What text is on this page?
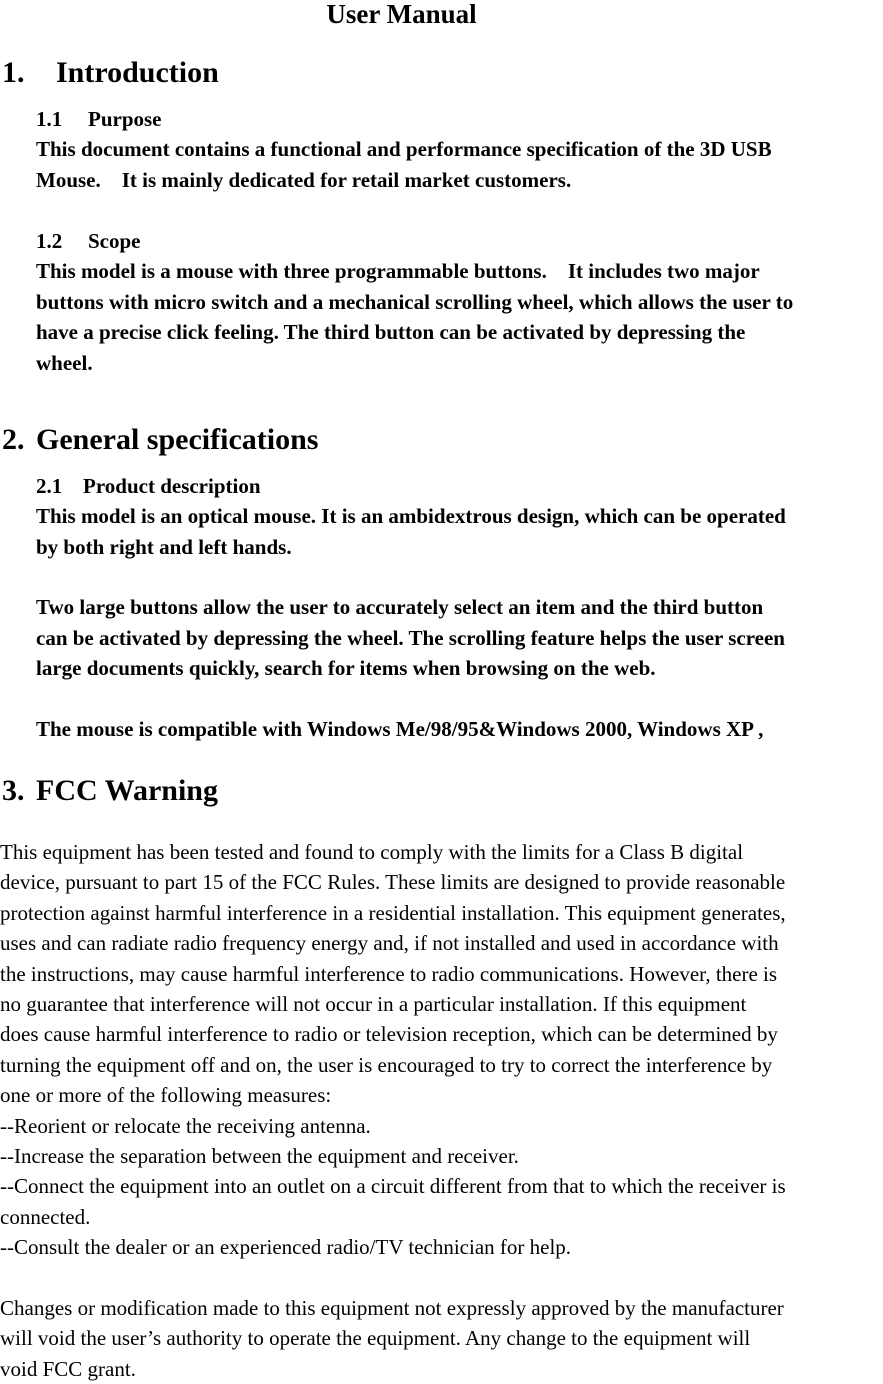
User Manual
1. Introduction
1.1 Purpose

This document contains a functional and performance specification of the 3D USB
Mouse.    It is mainly dedicated for retail market customers.

1.2 Scope

This model is a mouse with three programmable buttons.    It includes two major
buttons with micro switch and a mechanical scrolling wheel, which allows the user to
have a precise click feeling. The third button can be activated by depressing the
wheel.

2. General specifications
2.1 Product description

This model is an optical mouse. It is an ambidextrous design, which can be operated
by both right and left hands.

Two large buttons allow the user to accurately select an item and the third button
can be activated by depressing the wheel. The scrolling feature helps the user screen
large documents quickly, search for items when browsing on the web.

The mouse is compatible with Windows Me/98/95&Windows 2000, Windows XP ,

3. FCC Warning

This equipment has been tested and found to comply with the limits for a Class B digital
device, pursuant to part 15 of the FCC Rules. These limits are designed to provide reasonable
protection against harmful interference in a residential installation. This equipment generates,
uses and can radiate radio frequency energy and, if not installed and used in accordance with
the instructions, may cause harmful interference to radio communications. However, there is
no guarantee that interference will not occur in a particular installation. If this equipment
does cause harmful interference to radio or television reception, which can be determined by
turning the equipment off and on, the user is encouraged to try to correct the interference by
one or more of the following measures:
--Reorient or relocate the receiving antenna.
--Increase the separation between the equipment and receiver.
--Connect the equipment into an outlet on a circuit different from that to which the receiver is
connected.
--Consult the dealer or an experienced radio/TV technician for help.

Changes or modification made to this equipment not expressly approved by the manufacturer
will void the user’s authority to operate the equipment. Any change to the equipment will
void FCC grant.
